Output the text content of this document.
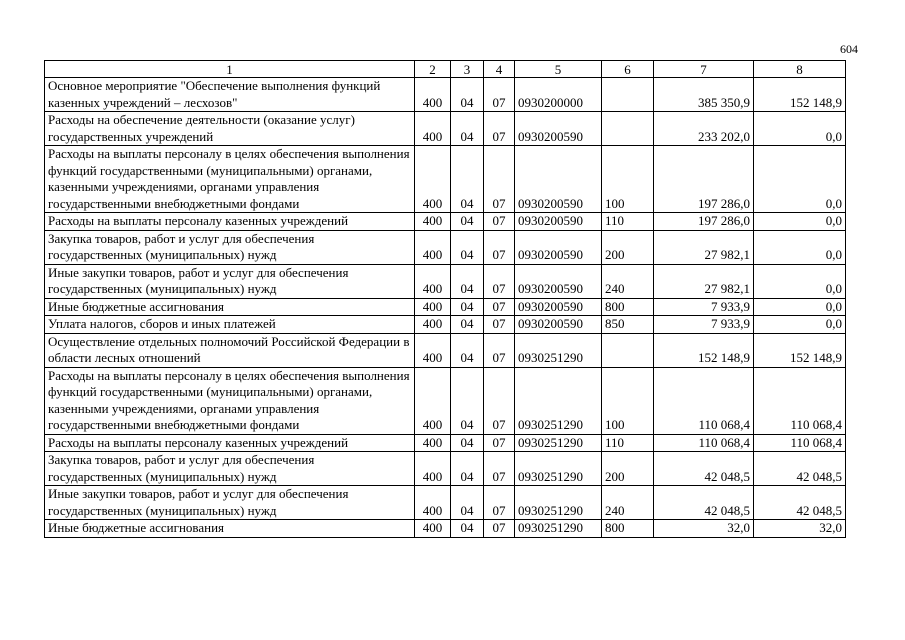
604
1	2	3	4	5	6	7	8
Основное мероприятие "Обеспечение выполнения функций казенных учреждений – лесхозов"	400	04	07	0930200000		385 350,9	152 148,9
Расходы на обеспечение деятельности (оказание услуг) государственных учреждений	400	04	07	0930200590		233 202,0	0,0
Расходы на выплаты персоналу в целях обеспечения выполнения функций государственными (муниципальными) органами, казенными учреждениями, органами управления государственными внебюджетными фондами	400	04	07	0930200590	100	197 286,0	0,0
Расходы на выплаты персоналу казенных учреждений	400	04	07	0930200590	110	197 286,0	0,0
Закупка товаров, работ и услуг для обеспечения государственных (муниципальных) нужд	400	04	07	0930200590	200	27 982,1	0,0
Иные закупки товаров, работ и услуг для обеспечения государственных (муниципальных) нужд	400	04	07	0930200590	240	27 982,1	0,0
Иные бюджетные ассигнования	400	04	07	0930200590	800	7 933,9	0,0
Уплата налогов, сборов и иных платежей	400	04	07	0930200590	850	7 933,9	0,0
Осуществление отдельных полномочий Российской Федерации в области лесных отношений	400	04	07	0930251290		152 148,9	152 148,9
Расходы на выплаты персоналу в целях обеспечения выполнения функций государственными (муниципальными) органами, казенными учреждениями, органами управления государственными внебюджетными фондами	400	04	07	0930251290	100	110 068,4	110 068,4
Расходы на выплаты персоналу казенных учреждений	400	04	07	0930251290	110	110 068,4	110 068,4
Закупка товаров, работ и услуг для обеспечения государственных (муниципальных) нужд	400	04	07	0930251290	200	42 048,5	42 048,5
Иные закупки товаров, работ и услуг для обеспечения государственных (муниципальных) нужд	400	04	07	0930251290	240	42 048,5	42 048,5
Иные бюджетные ассигнования	400	04	07	0930251290	800	32,0	32,0
